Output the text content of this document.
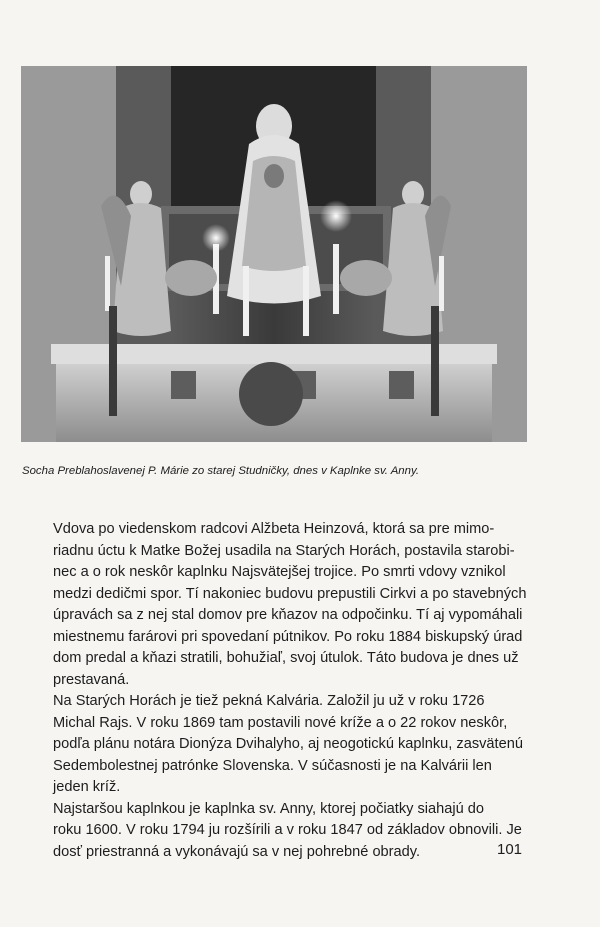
Socha Preblahoslavenej P. Márie zo starej Studničky, dnes v Kaplnke sv. Anny.

Vdova po viedenskom radcovi Alžbeta Heinzová, ktorá sa pre mimo-
riadnu úctu k Matke Božej usadila na Starých Horách, postavila starobi-
nec a o rok neskôr kaplnku Najsvätejšej trojice. Po smrti vdovy vznikol
medzi dedičmi spor. Tí nakoniec budovu prepustili Cirkvi a po stavebných
úpravách sa z nej stal domov pre kňazov na odpočinku. Tí aj vypomáhali
miestnemu farárovi pri spovedaní pútnikov. Po roku 1884 biskupský úrad
dom predal a kňazi stratili, bohužiaľ, svoj útulok. Táto budova je dnes už
prestavaná.

Na Starých Horách je tiež pekná Kalvária. Založil ju už v roku 1726
Michal Rajs. V roku 1869 tam postavili nové kríže a o 22 rokov neskôr,
podľa plánu notára Dionýza Dvihalyho, aj neogotickú kaplnku, zasvätenú
Sedembolestnej patrónke Slovenska. V súčasnosti je na Kalvárii len
jeden kríž.

Najstaršou kaplnkou je kaplnka sv. Anny, ktorej počiatky siahajú do
roku 1600. V roku 1794 ju rozšírili a v roku 1847 od základov obnovili. Je
dosť priestranná a vykonávajú sa v nej pohrebné obrady.	101
